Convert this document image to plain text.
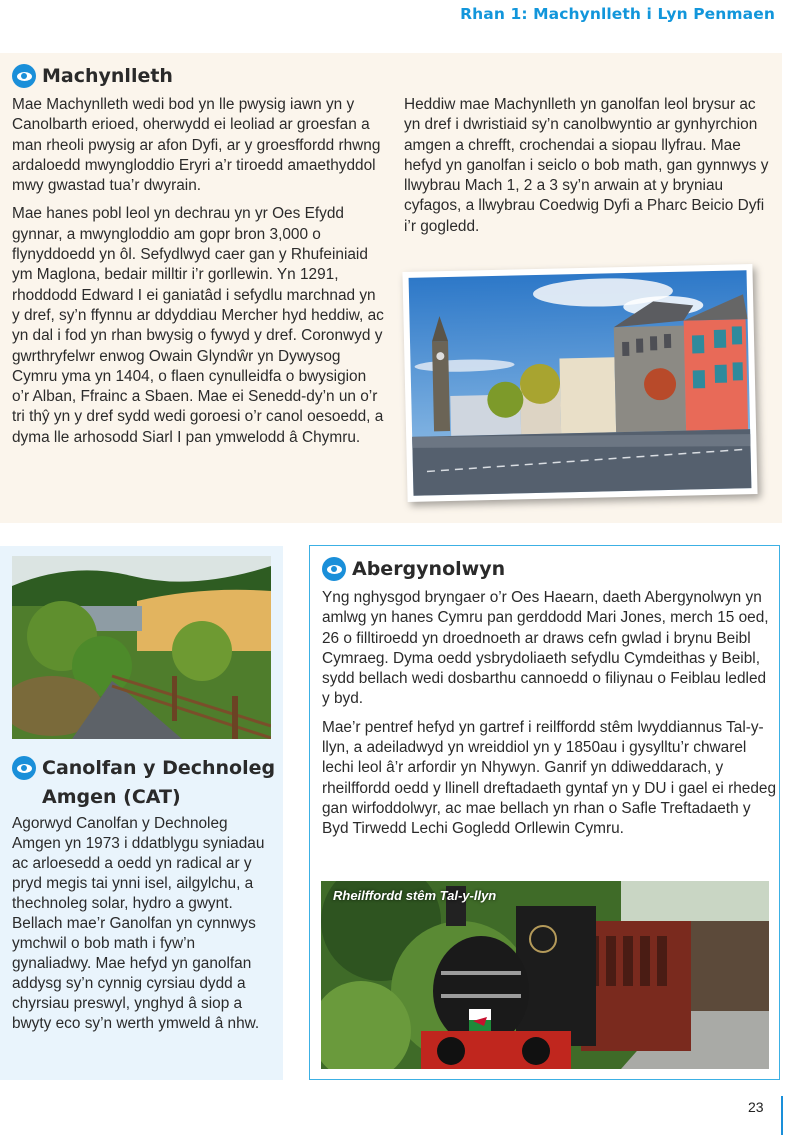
Rhan 1: Machynlleth i Lyn Penmaen
Machynlleth

Mae Machynlleth wedi bod yn lle pwysig iawn yn y Canolbarth erioed, oherwydd ei leoliad ar groesfan a man rheoli pwysig ar afon Dyfi, ar y groesffordd rhwng ardaloedd mwyngloddio Eryri a’r tiroedd amaethyddol mwy gwastad tua’r dwyrain.

Mae hanes pobl leol yn dechrau yn yr Oes Efydd gynnar, a mwyngloddio am gopr bron 3,000 o flynyddoedd yn ôl. Sefydlwyd caer gan y Rhufeiniaid ym Maglona, bedair milltir i’r gorllewin. Yn 1291, rhoddodd Edward I ei ganiatâd i sefydlu marchnad yn y dref, sy’n ffynnu ar ddyddiau Mercher hyd heddiw, ac yn dal i fod yn rhan bwysig o fywyd y dref. Coronwyd y gwrthryfelwr enwog Owain Glyndŵr yn Dywysog Cymru yma yn 1404, o flaen cynulleidfa o bwysigion o’r Alban, Ffrainc a Sbaen. Mae ei Senedd-dy’n un o’r tri thŷ yn y dref sydd wedi goroesi o’r canol oesoedd, a dyma lle arhosodd Siarl I pan ymwelodd â Chymru.

Heddiw mae Machynlleth yn ganolfan leol brysur ac yn dref i dwristiaid sy’n canolbwyntio ar gynhyrchion amgen a chrefft, crochendai a siopau llyfrau. Mae hefyd yn ganolfan i seiclo o bob math, gan gynnwys y llwybrau Mach 1, 2 a 3 sy’n arwain at y bryniau cyfagos, a llwybrau Coedwig Dyfi a Pharc Beicio Dyfi i’r gogledd.

Canolfan y Dechnoleg Amgen (CAT)

Agorwyd Canolfan y Dechnoleg Amgen yn 1973 i ddatblygu syniadau ac arloesedd a oedd yn radical ar y pryd megis tai ynni isel, ailgylchu, a thechnoleg solar, hydro a gwynt. Bellach mae’r Ganolfan yn cynnwys ymchwil o bob math i fyw’n gynaliadwy. Mae hefyd yn ganolfan addysg sy’n cynnig cyrsiau dydd a chyrsiau preswyl, ynghyd â siop a bwyty eco sy’n werth ymweld â nhw.

Abergynolwyn

Yng nghysgod bryngaer o’r Oes Haearn, daeth Abergynolwyn yn amlwg yn hanes Cymru pan gerddodd Mari Jones, merch 15 oed, 26 o filltiroedd yn droednoeth ar draws cefn gwlad i brynu Beibl Cymraeg. Dyma oedd ysbrydoliaeth sefydlu Cymdeithas y Beibl, sydd bellach wedi dosbarthu cannoedd o filiynau o Feiblau ledled y byd.

Mae’r pentref hefyd yn gartref i reilffordd stêm lwyddiannus Tal-y-llyn, a adeiladwyd yn wreiddiol yn y 1850au i gysylltu’r chwarel lechi leol â’r arfordir yn Nhywyn. Ganrif yn ddiweddarach, y rheilffordd oedd y llinell dreftadaeth gyntaf yn y DU i gael ei rhedeg gan wirfoddolwyr, ac mae bellach yn rhan o Safle Treftadaeth y Byd Tirwedd Lechi Gogledd Orllewin Cymru.

Rheilffordd stêm Tal-y-llyn
23
